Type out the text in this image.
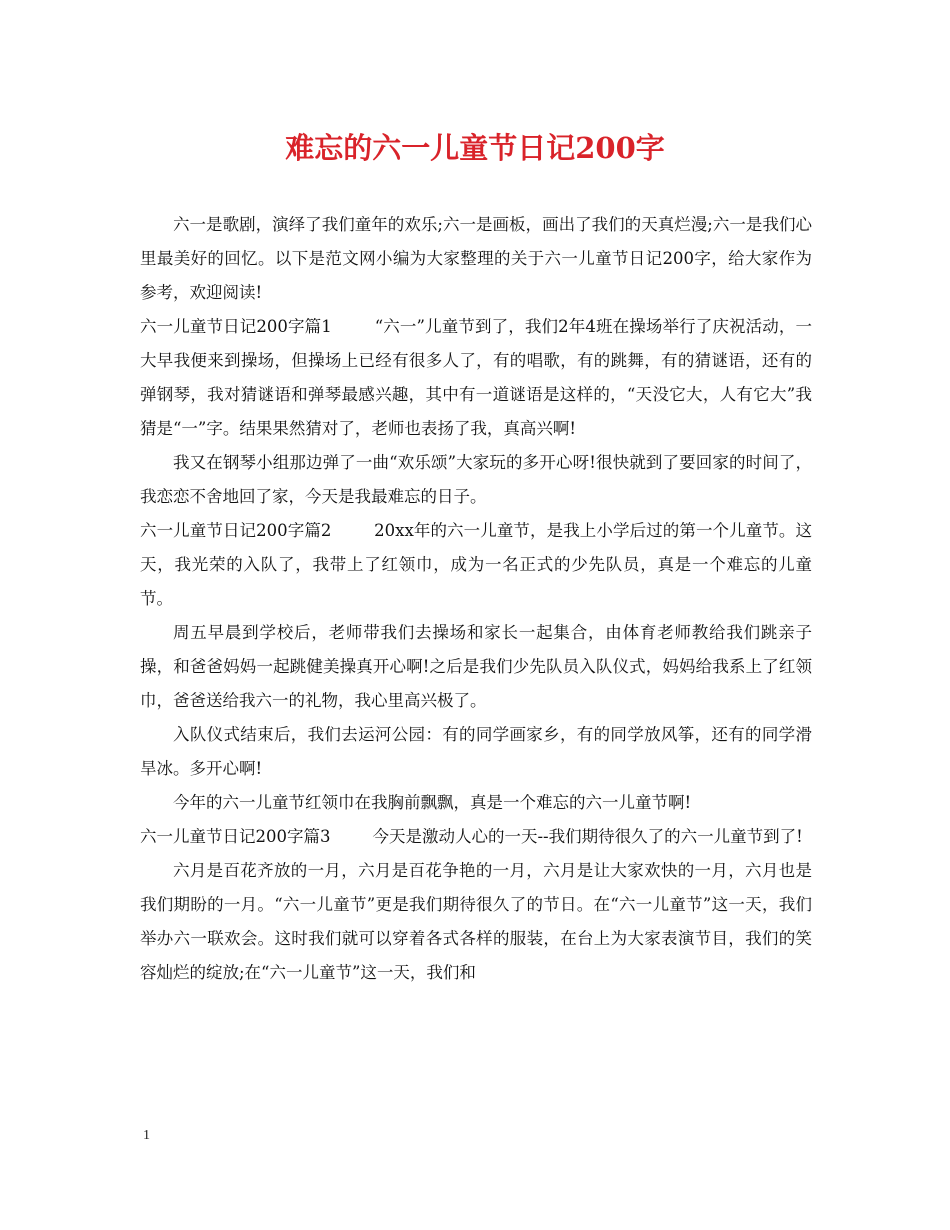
难忘的六一儿童节日记200字

六一是歌剧，演绎了我们童年的欢乐;六一是画板，画出了我们的天真烂漫;六一是我们心里最美好的回忆。以下是范文网小编为大家整理的关于六一儿童节日记200字，给大家作为参考，欢迎阅读!

六一儿童节日记200字篇1	“六一”儿童节到了，我们2年4班在操场举行了庆祝活动，一大早我便来到操场，但操场上已经有很多人了，有的唱歌，有的跳舞，有的猜谜语，还有的弹钢琴，我对猜谜语和弹琴最感兴趣，其中有一道谜语是这样的，“天没它大，人有它大”我猜是“一”字。结果果然猜对了，老师也表扬了我，真高兴啊!

我又在钢琴小组那边弹了一曲“欢乐颂”大家玩的多开心呀!很快就到了要回家的时间了，我恋恋不舍地回了家，今天是我最难忘的日子。

六一儿童节日记200字篇2	20xx年的六一儿童节，是我上小学后过的第一个儿童节。这天，我光荣的入队了，我带上了红领巾，成为一名正式的少先队员，真是一个难忘的儿童节。

周五早晨到学校后，老师带我们去操场和家长一起集合，由体育老师教给我们跳亲子操，和爸爸妈妈一起跳健美操真开心啊!之后是我们少先队员入队仪式，妈妈给我系上了红领巾，爸爸送给我六一的礼物，我心里高兴极了。

入队仪式结束后，我们去运河公园：有的同学画家乡，有的同学放风筝，还有的同学滑旱冰。多开心啊!

今年的六一儿童节红领巾在我胸前飘飘，真是一个难忘的六一儿童节啊!

六一儿童节日记200字篇3	今天是激动人心的一天--我们期待很久了的六一儿童节到了!

六月是百花齐放的一月，六月是百花争艳的一月，六月是让大家欢快的一月，六月也是我们期盼的一月。“六一儿童节”更是我们期待很久了的节日。在“六一儿童节”这一天，我们举办六一联欢会。这时我们就可以穿着各式各样的服装，在台上为大家表演节目，我们的笑容灿烂的绽放;在“六一儿童节”这一天，我们和

1
